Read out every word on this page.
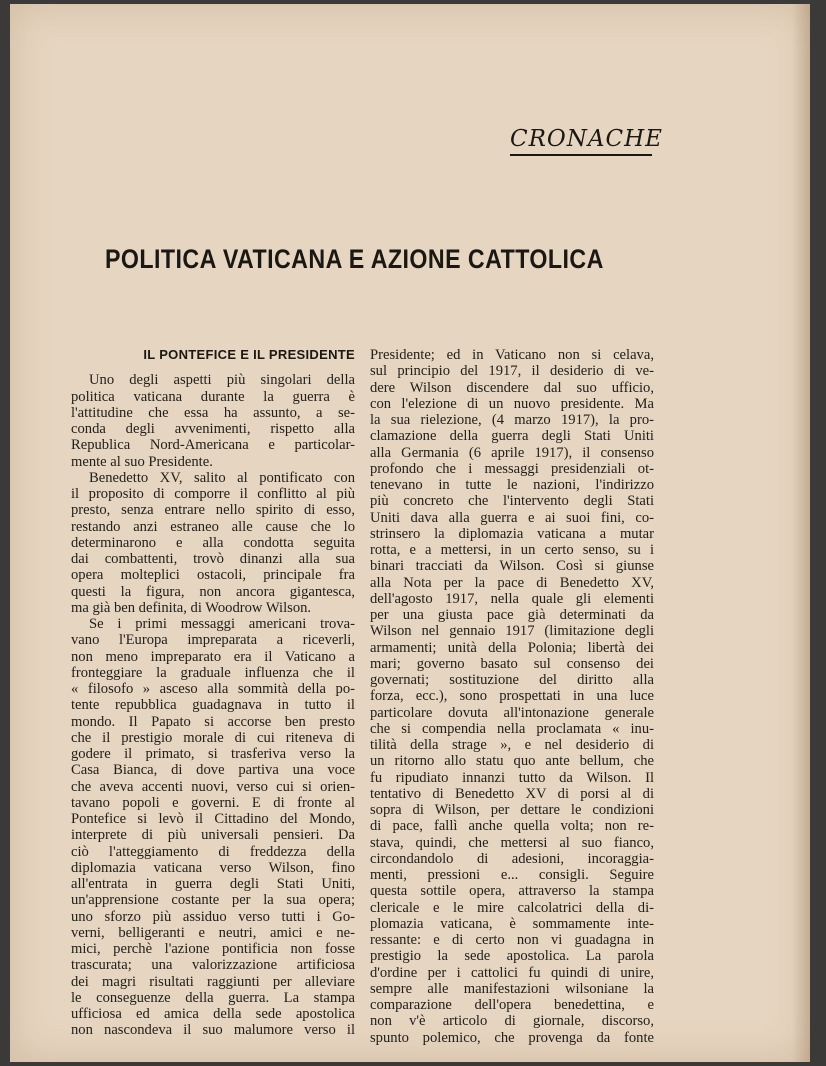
CRONACHE
POLITICA VATICANA E AZIONE CATTOLICA
IL PONTEFICE E IL PRESIDENTE
Uno degli aspetti più singolari della
politica vaticana durante la guerra è
l'attitudine che essa ha assunto, a se-
conda degli avvenimenti, rispetto alla
Republica Nord-Americana e particolar-
mente al suo Presidente.
Benedetto XV, salito al pontificato con
il proposito di comporre il conflitto al più
presto, senza entrare nello spirito di esso,
restando anzi estraneo alle cause che lo
determinarono e alla condotta seguita
dai combattenti, trovò dinanzi alla sua
opera molteplici ostacoli, principale fra
questi la figura, non ancora gigantesca,
ma già ben definita, di Woodrow Wilson.
Se i primi messaggi americani trova-
vano l'Europa impreparata a riceverli,
non meno impreparato era il Vaticano a
fronteggiare la graduale influenza che il
« filosofo » asceso alla sommità della po-
tente repubblica guadagnava in tutto il
mondo. Il Papato si accorse ben presto
che il prestigio morale di cui riteneva di
godere il primato, si trasferiva verso la
Casa Bianca, di dove partiva una voce
che aveva accenti nuovi, verso cui si orien-
tavano popoli e governi. E di fronte al
Pontefice si levò il Cittadino del Mondo,
interprete di più universali pensieri. Da
ciò l'atteggiamento di freddezza della
diplomazia vaticana verso Wilson, fino
all'entrata in guerra degli Stati Uniti,
un'apprensione costante per la sua opera;
uno sforzo più assiduo verso tutti i Go-
verni, belligeranti e neutri, amici e ne-
mici, perchè l'azione pontificia non fosse
trascurata; una valorizzazione artificiosa
dei magri risultati raggiunti per alleviare
le conseguenze della guerra. La stampa
ufficiosa ed amica della sede apostolica
non nascondeva il suo malumore verso il
Presidente; ed in Vaticano non si celava,
sul principio del 1917, il desiderio di ve-
dere Wilson discendere dal suo ufficio,
con l'elezione di un nuovo presidente. Ma
la sua rielezione, (4 marzo 1917), la pro-
clamazione della guerra degli Stati Uniti
alla Germania (6 aprile 1917), il consenso
profondo che i messaggi presidenziali ot-
tenevano in tutte le nazioni, l'indirizzo
più concreto che l'intervento degli Stati
Uniti dava alla guerra e ai suoi fini, co-
strinsero la diplomazia vaticana a mutar
rotta, e a mettersi, in un certo senso, su i
binari tracciati da Wilson. Così si giunse
alla Nota per la pace di Benedetto XV,
dell'agosto 1917, nella quale gli elementi
per una giusta pace già determinati da
Wilson nel gennaio 1917 (limitazione degli
armamenti; unità della Polonia; libertà dei
mari; governo basato sul consenso dei
governati; sostituzione del diritto alla
forza, ecc.), sono prospettati in una luce
particolare dovuta all'intonazione generale
che si compendia nella proclamata « inu-
tilità della strage », e nel desiderio di
un ritorno allo statu quo ante bellum, che
fu ripudiato innanzi tutto da Wilson. Il
tentativo di Benedetto XV di porsi al di
sopra di Wilson, per dettare le condizioni
di pace, fallì anche quella volta; non re-
stava, quindi, che mettersi al suo fianco,
circondandolo di adesioni, incoraggia-
menti, pressioni e... consigli. Seguire
questa sottile opera, attraverso la stampa
clericale e le mire calcolatrici della di-
plomazia vaticana, è sommamente inte-
ressante: e di certo non vi guadagna in
prestigio la sede apostolica. La parola
d'ordine per i cattolici fu quindi di unire,
sempre alle manifestazioni wilsoniane la
comparazione dell'opera benedettina, e
non v'è articolo di giornale, discorso,
spunto polemico, che provenga da fonte
